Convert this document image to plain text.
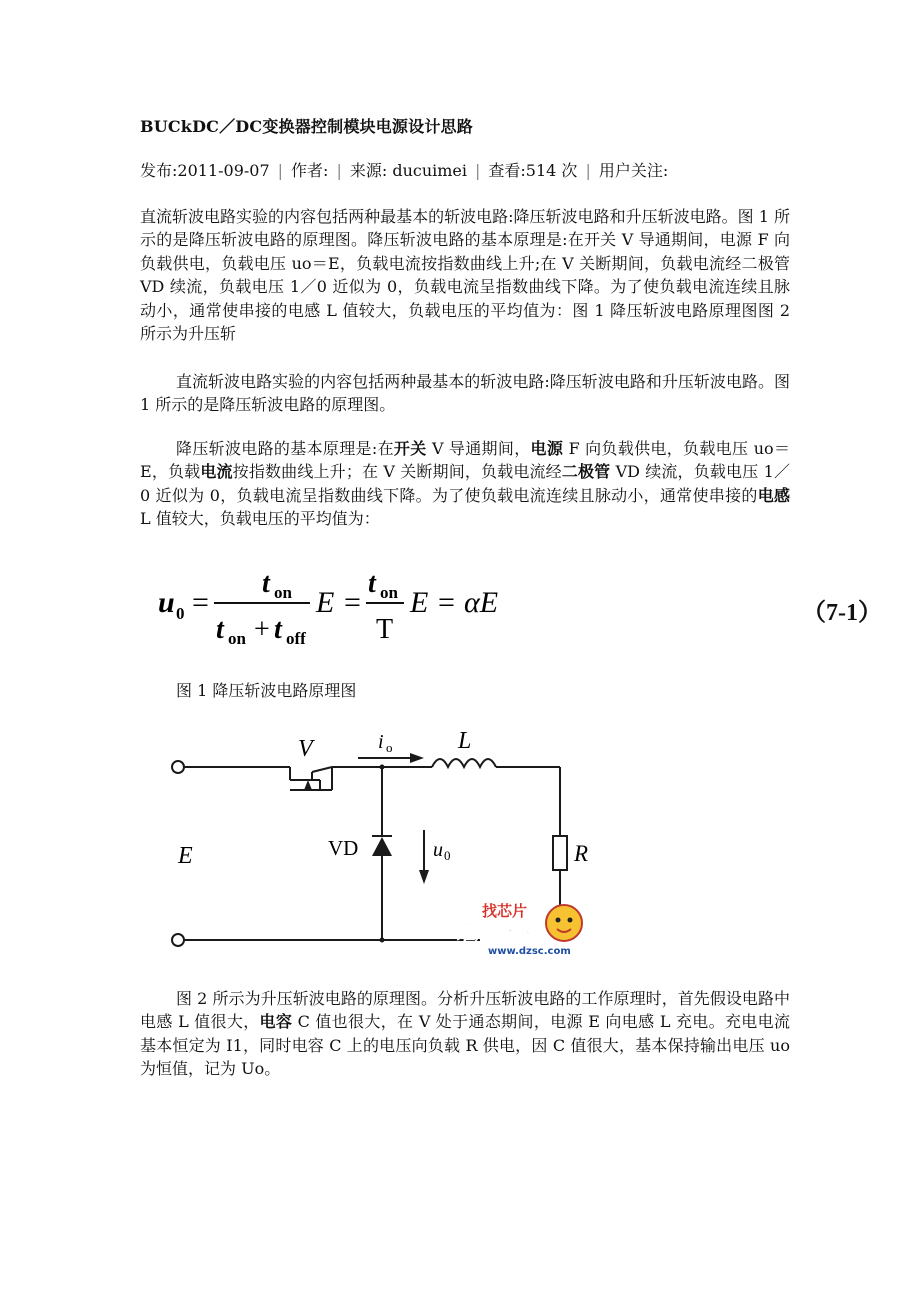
BUCkDC／DC变换器控制模块电源设计思路
发布:2011-09-07 | 作者: | 来源: ducuimei | 查看:514 次 | 用户关注:
直流斩波电路实验的内容包括两种最基本的斩波电路:降压斩波电路和升压斩波电路。图 1 所示的是降压斩波电路的原理图。降压斩波电路的基本原理是:在开关 V 导通期间，电源 F 向负载供电，负载电压 uo＝E，负载电流按指数曲线上升;在 V 关断期间，负载电流经二极管 VD 续流，负载电压 1／0 近似为 0，负载电流呈指数曲线下降。为了使负载电流连续且脉动小，通常使串接的电感 L 值较大，负载电压的平均值为：图 1 降压斩波电路原理图图 2 所示为升压斩
直流斩波电路实验的内容包括两种最基本的斩波电路:降压斩波电路和升压斩波电路。图 1 所示的是降压斩波电路的原理图。
降压斩波电路的基本原理是:在开关 V 导通期间，电源 F 向负载供电，负载电压 uo＝E，负载电流按指数曲线上升；在 V 关断期间，负载电流经二极管 VD 续流，负载电压 1／0 近似为 0，负载电流呈指数曲线下降。为了使负载电流连续且脉动小，通常使串接的电感 L 值较大，负载电压的平均值为：
u 0 =
t on
t on + t off
E =
t on
T
E = αE	（7-1）
图 1 降压斩波电路原理图
V	i o	L
VD	u 0	R
E
找芯片
维库一下
www.dzsc.com
图 2 所示为升压斩波电路的原理图。分析升压斩波电路的工作原理时，首先假设电路中电感 L 值很大，电容 C 值也很大，在 V 处于通态期间，电源 E 向电感 L 充电。充电电流基本恒定为 I1，同时电容 C 上的电压向负载 R 供电，因 C 值很大，基本保持输出电压 uo 为恒值，记为 Uo。
